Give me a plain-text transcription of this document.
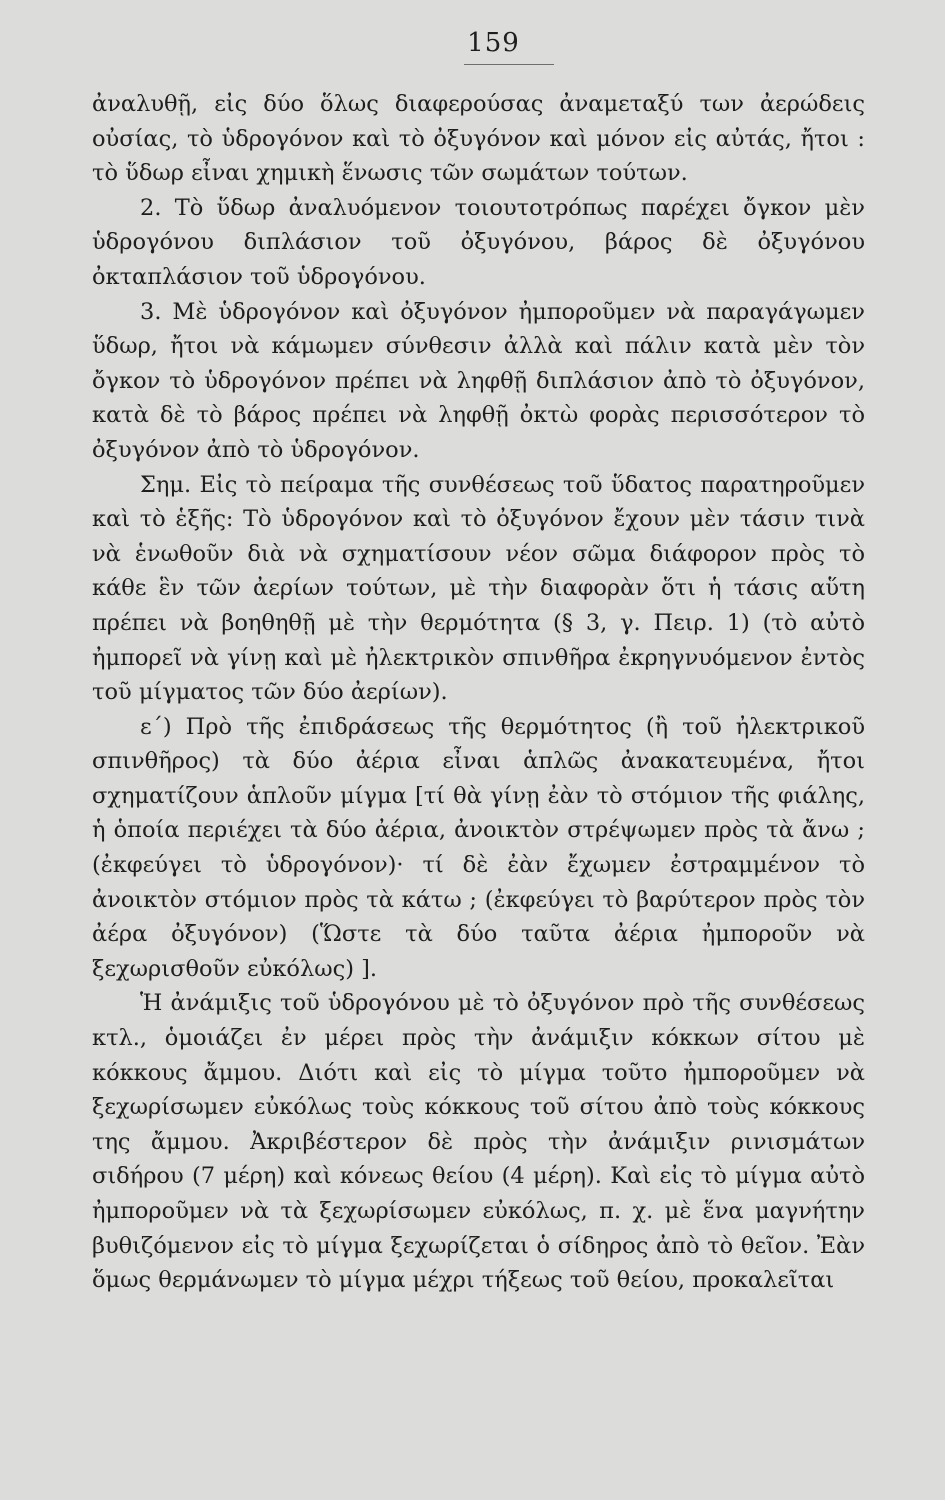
159

ἀναλυθῇ, εἰς δύο ὅλως διαφερούσας ἀναμεταξύ των ἀερώδεις οὐσίας, τὸ ὑδρογόνον καὶ τὸ ὀξυγόνον καὶ μόνον εἰς αὐτάς, ἤτοι : τὸ ὕδωρ εἶναι χημικὴ ἕνωσις τῶν σωμάτων τούτων.

2. Τὸ ὕδωρ ἀναλυόμενον τοιουτοτρόπως παρέχει ὄγκον μὲν ὑδρογόνου διπλάσιον τοῦ ὀξυγόνου, βάρος δὲ ὀξυγόνου ὀκταπλάσιον τοῦ ὑδρογόνου.

3. Μὲ ὑδρογόνον καὶ ὀξυγόνον ἠμποροῦμεν νὰ παραγάγωμεν ὕδωρ, ἤτοι νὰ κάμωμεν σύνθεσιν ἀλλὰ καὶ πάλιν κατὰ μὲν τὸν ὄγκον τὸ ὑδρογόνον πρέπει νὰ ληφθῇ διπλάσιον ἀπὸ τὸ ὀξυγόνον, κατὰ δὲ τὸ βάρος πρέπει νὰ ληφθῇ ὀκτὼ φορὰς περισσότερον τὸ ὀξυγόνον ἀπὸ τὸ ὑδρογόνον.

Σημ. Εἰς τὸ πείραμα τῆς συνθέσεως τοῦ ὕδατος παρατηροῦμεν καὶ τὸ ἑξῆς: Τὸ ὑδρογόνον καὶ τὸ ὀξυγόνον ἔχουν μὲν τάσιν τινὰ νὰ ἑνωθοῦν διὰ νὰ σχηματίσουν νέον σῶμα διάφορον πρὸς τὸ κάθε ἓν τῶν ἀερίων τούτων, μὲ τὴν διαφορὰν ὅτι ἡ τάσις αὕτη πρέπει νὰ βοηθηθῇ μὲ τὴν θερμότητα (§ 3, γ. Πειρ. 1) (τὸ αὐτὸ ἠμπορεῖ νὰ γίνῃ καὶ μὲ ἠλεκτρικὸν σπινθῆρα ἐκρηγνυόμενον ἐντὸς τοῦ μίγματος τῶν δύο ἀερίων).

ε΄) Πρὸ τῆς ἐπιδράσεως τῆς θερμότητος (ἢ τοῦ ἠλεκτρικοῦ σπινθῆρος) τὰ δύο ἀέρια εἶναι ἁπλῶς ἀνακατευμένα, ἤτοι σχηματίζουν ἁπλοῦν μίγμα [τί θὰ γίνῃ ἐὰν τὸ στόμιον τῆς φιάλης, ἡ ὁποία περιέχει τὰ δύο ἀέρια, ἀνοικτὸν στρέψωμεν πρὸς τὰ ἄνω ; (ἐκφεύγει τὸ ὑδρογόνον)· τί δὲ ἐὰν ἔχωμεν ἐστραμμένον τὸ ἀνοικτὸν στόμιον πρὸς τὰ κάτω ; (ἐκφεύγει τὸ βαρύτερον πρὸς τὸν ἀέρα ὀξυγόνον) (Ὥστε τὰ δύο ταῦτα ἀέρια ἠμποροῦν νὰ ξεχωρισθοῦν εὐκόλως) ].

Ἡ ἀνάμιξις τοῦ ὑδρογόνου μὲ τὸ ὀξυγόνον πρὸ τῆς συνθέσεως κτλ., ὁμοιάζει ἐν μέρει πρὸς τὴν ἀνάμιξιν κόκκων σίτου μὲ κόκκους ἄμμου. Διότι καὶ εἰς τὸ μίγμα τοῦτο ἠμποροῦμεν νὰ ξεχωρίσωμεν εὐκόλως τοὺς κόκκους τοῦ σίτου ἀπὸ τοὺς κόκκους της ἄμμου. Ἀκριβέστερον δὲ πρὸς τὴν ἀνάμιξιν ρινισμάτων σιδήρου (7 μέρη) καὶ κόνεως θείου (4 μέρη). Καὶ εἰς τὸ μίγμα αὐτὸ ἠμποροῦμεν νὰ τὰ ξεχωρίσωμεν εὐκόλως, π. χ. μὲ ἕνα μαγνήτην βυθιζόμενον εἰς τὸ μίγμα ξεχωρίζεται ὁ σίδηρος ἀπὸ τὸ θεῖον. Ἐὰν ὅμως θερμάνωμεν τὸ μίγμα μέχρι τήξεως τοῦ θείου, προκαλεῖται
